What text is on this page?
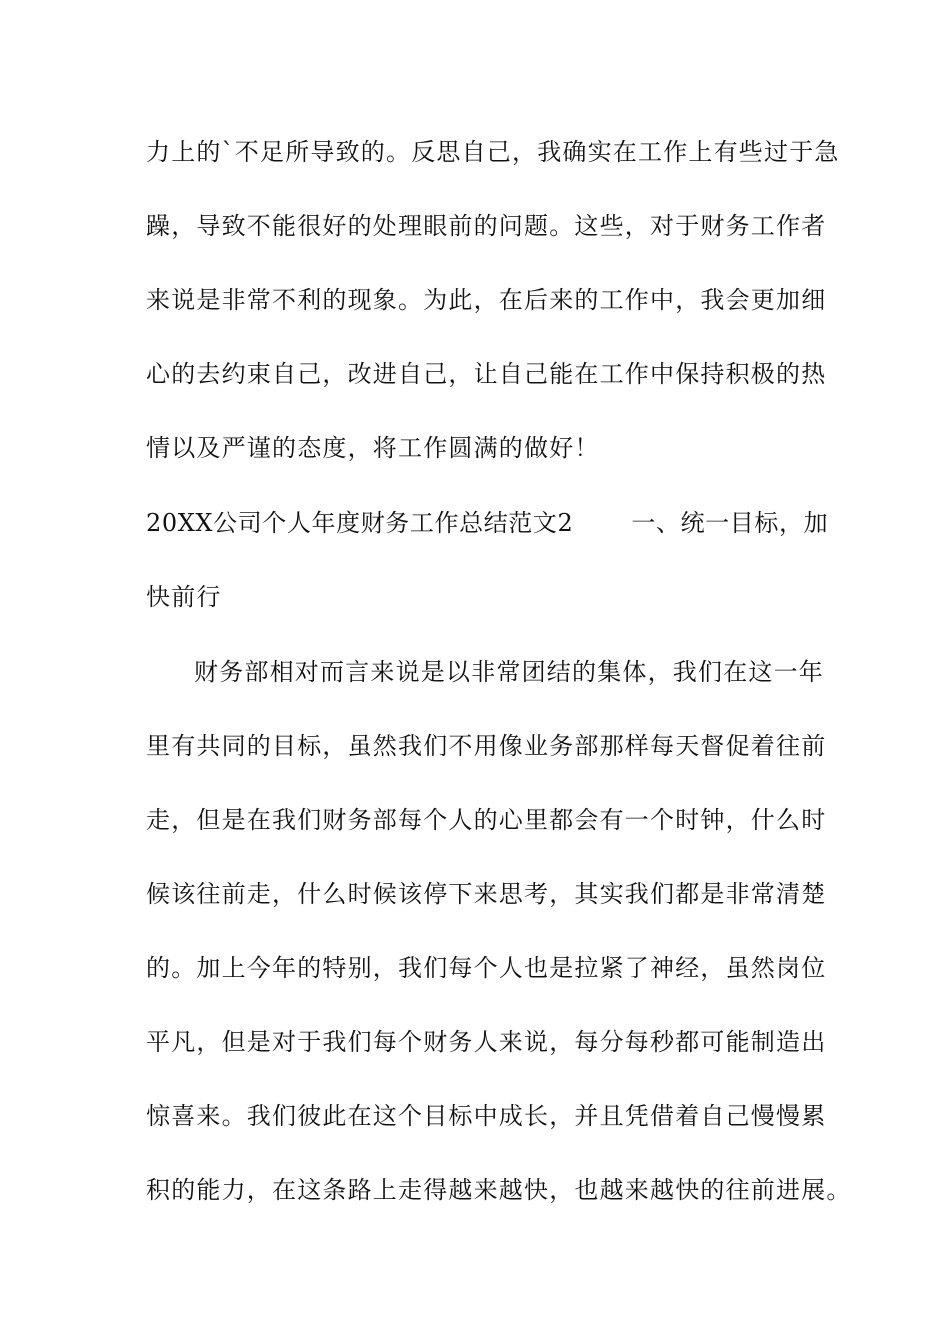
力上的`不足所导致的。反思自己，我确实在工作上有些过于急
躁，导致不能很好的处理眼前的问题。这些，对于财务工作者
来说是非常不利的现象。为此，在后来的工作中，我会更加细
心的去约束自己，改进自己，让自己能在工作中保持积极的热
情以及严谨的态度，将工作圆满的做好！
20XX公司个人年度财务工作总结范文2 一、统一目标，加
快前行
财务部相对而言来说是以非常团结的集体，我们在这一年
里有共同的目标，虽然我们不用像业务部那样每天督促着往前
走，但是在我们财务部每个人的心里都会有一个时钟，什么时
候该往前走，什么时候该停下来思考，其实我们都是非常清楚
的。加上今年的特别，我们每个人也是拉紧了神经，虽然岗位
平凡，但是对于我们每个财务人来说，每分每秒都可能制造出
惊喜来。我们彼此在这个目标中成长，并且凭借着自己慢慢累
积的能力，在这条路上走得越来越快，也越来越快的往前进展。
